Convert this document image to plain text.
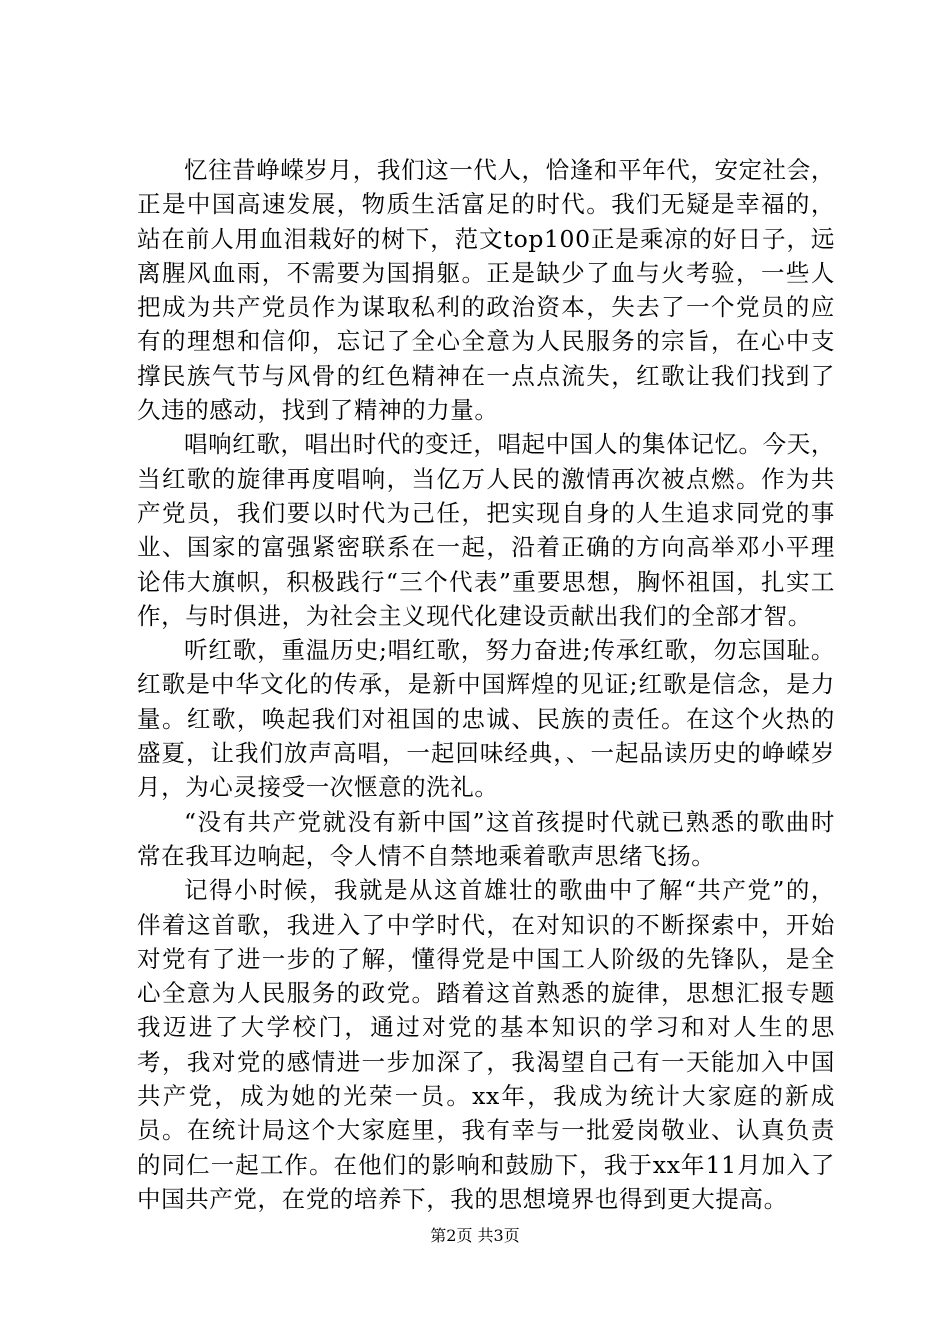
忆往昔峥嵘岁月，我们这一代人，恰逢和平年代，安定社会，正是中国高速发展，物质生活富足的时代。我们无疑是幸福的，站在前人用血泪栽好的树下，范文top100正是乘凉的好日子，远离腥风血雨，不需要为国捐躯。正是缺少了血与火考验，一些人把成为共产党员作为谋取私利的政治资本，失去了一个党员的应有的理想和信仰，忘记了全心全意为人民服务的宗旨，在心中支撑民族气节与风骨的红色精神在一点点流失，红歌让我们找到了久违的感动，找到了精神的力量。

唱响红歌，唱出时代的变迁，唱起中国人的集体记忆。今天，当红歌的旋律再度唱响，当亿万人民的激情再次被点燃。作为共产党员，我们要以时代为己任，把实现自身的人生追求同党的事业、国家的富强紧密联系在一起，沿着正确的方向高举邓小平理论伟大旗帜，积极践行“三个代表”重要思想，胸怀祖国，扎实工作，与时俱进，为社会主义现代化建设贡献出我们的全部才智。

听红歌，重温历史;唱红歌，努力奋进;传承红歌，勿忘国耻。红歌是中华文化的传承，是新中国辉煌的见证;红歌是信念，是力量。红歌，唤起我们对祖国的忠诚、民族的责任。在这个火热的盛夏，让我们放声高唱，一起回味经典，、一起品读历史的峥嵘岁月，为心灵接受一次惬意的洗礼。

“没有共产党就没有新中国”这首孩提时代就已熟悉的歌曲时常在我耳边响起，令人情不自禁地乘着歌声思绪飞扬。

记得小时候，我就是从这首雄壮的歌曲中了解“共产党”的，伴着这首歌，我进入了中学时代，在对知识的不断探索中，开始对党有了进一步的了解，懂得党是中国工人阶级的先锋队，是全心全意为人民服务的政党。踏着这首熟悉的旋律，思想汇报专题我迈进了大学校门，通过对党的基本知识的学习和对人生的思考，我对党的感情进一步加深了，我渴望自己有一天能加入中国共产党，成为她的光荣一员。xx年，我成为统计大家庭的新成员。在统计局这个大家庭里，我有幸与一批爱岗敬业、认真负责的同仁一起工作。在他们的影响和鼓励下，我于xx年11月加入了中国共产党，在党的培养下，我的思想境界也得到更大提高。

第2页 共3页
